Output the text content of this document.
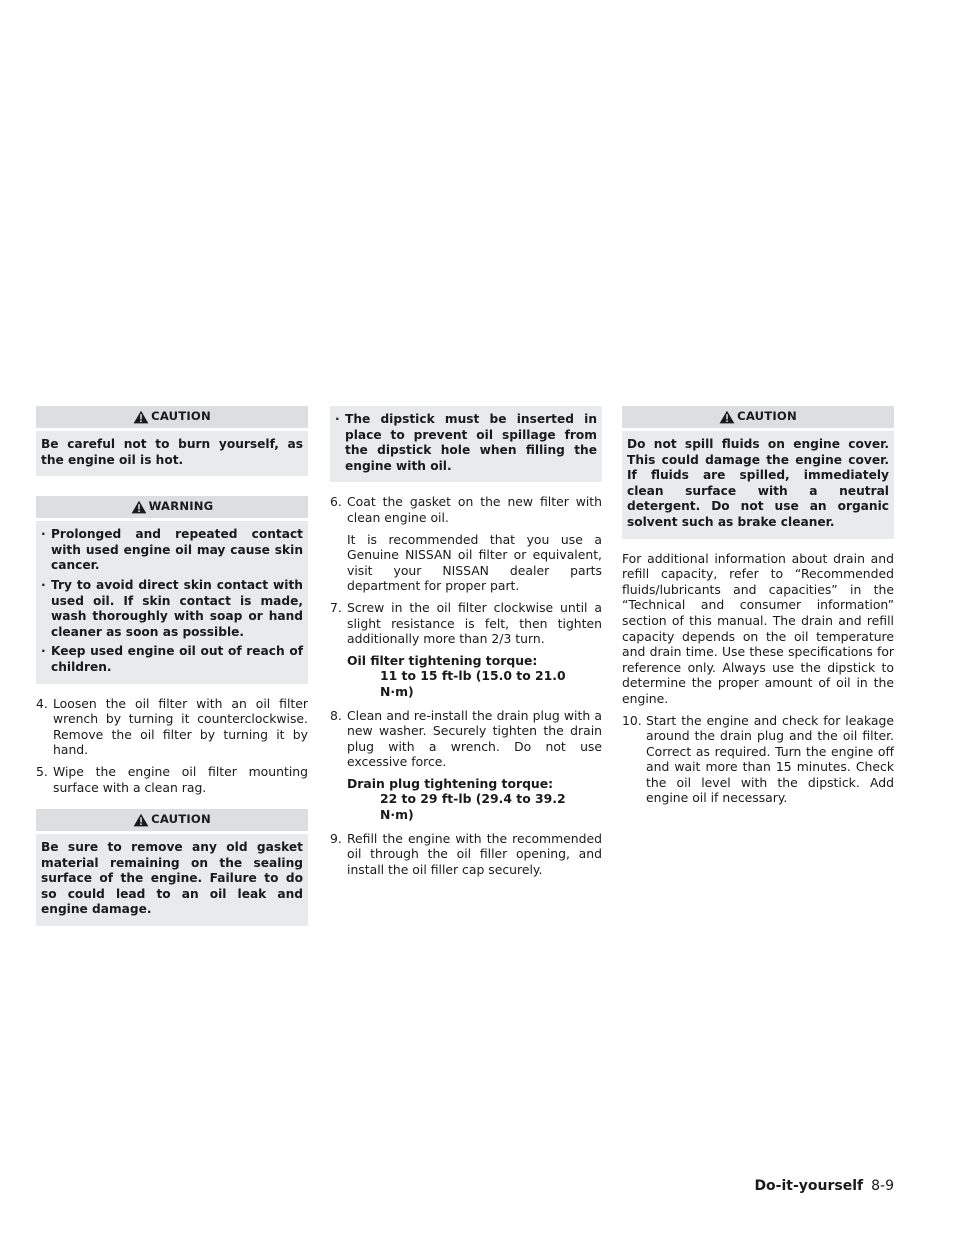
CAUTION
Be careful not to burn yourself, as the engine oil is hot.
WARNING
· Prolonged and repeated contact with used engine oil may cause skin cancer.
· Try to avoid direct skin contact with used oil. If skin contact is made, wash thoroughly with soap or hand cleaner as soon as possible.
· Keep used engine oil out of reach of children.
4. Loosen the oil filter with an oil filter wrench by turning it counterclockwise. Remove the oil filter by turning it by hand.
5. Wipe the engine oil filter mounting surface with a clean rag.
CAUTION
Be sure to remove any old gasket material remaining on the sealing surface of the engine. Failure to do so could lead to an oil leak and engine damage.
· The dipstick must be inserted in place to prevent oil spillage from the dipstick hole when filling the engine with oil.
6. Coat the gasket on the new filter with clean engine oil.
It is recommended that you use a Genuine NISSAN oil filter or equivalent, visit your NISSAN dealer parts department for proper part.
7. Screw in the oil filter clockwise until a slight resistance is felt, then tighten additionally more than 2/3 turn.
Oil filter tightening torque:
11 to 15 ft-lb (15.0 to 21.0 N·m)
8. Clean and re-install the drain plug with a new washer. Securely tighten the drain plug with a wrench. Do not use excessive force.
Drain plug tightening torque:
22 to 29 ft-lb (29.4 to 39.2 N·m)
9. Refill the engine with the recommended oil through the oil filler opening, and install the oil filler cap securely.
CAUTION
Do not spill fluids on engine cover. This could damage the engine cover. If fluids are spilled, immediately clean surface with a neutral detergent. Do not use an organic solvent such as brake cleaner.
For additional information about drain and refill capacity, refer to “Recommended fluids/lubricants and capacities” in the “Technical and consumer information” section of this manual. The drain and refill capacity depends on the oil temperature and drain time. Use these specifications for reference only. Always use the dipstick to determine the proper amount of oil in the engine.
10. Start the engine and check for leakage around the drain plug and the oil filter. Correct as required. Turn the engine off and wait more than 15 minutes. Check the oil level with the dipstick. Add engine oil if necessary.
Do-it-yourself 8-9
